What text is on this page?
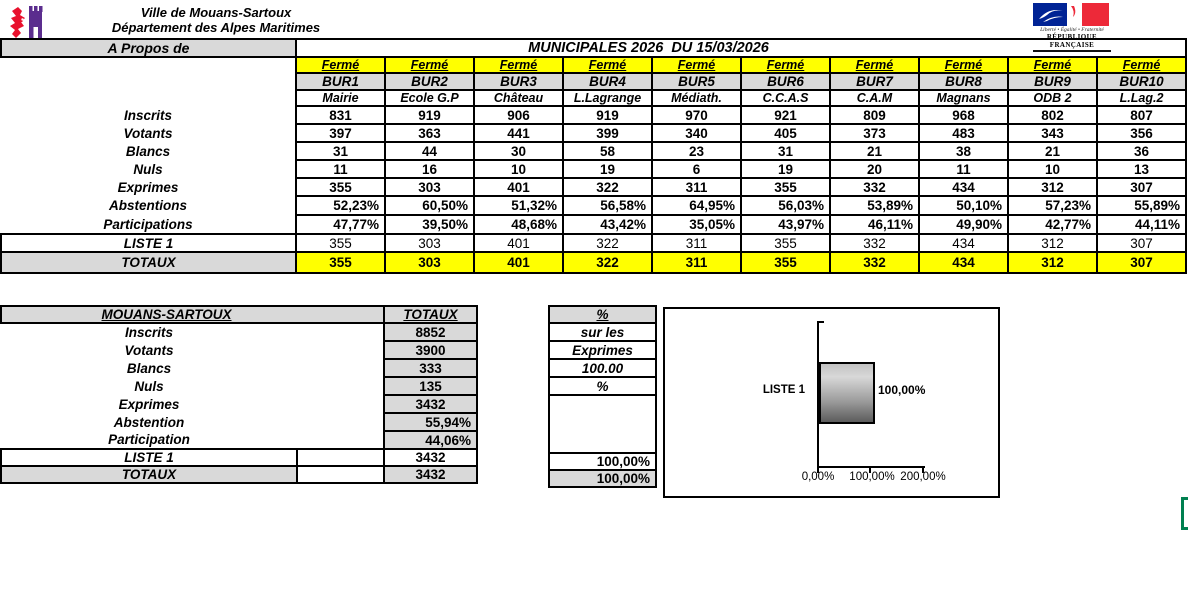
Ville de Mouans-Sartoux
Département des Alpes Maritimes	Liberté • Égalité • Fraternité
RÉPUBLIQUE FRANÇAISE
A Propos de	MUNICIPALES 2026  DU 15/03/2026									
	Fermé	Fermé	Fermé	Fermé	Fermé	Fermé	Fermé	Fermé	Fermé	Fermé
	BUR1	BUR2	BUR3	BUR4	BUR5	BUR6	BUR7	BUR8	BUR9	BUR10
	Mairie	Ecole G.P	Château	L.Lagrange	Médiath.	C.C.A.S	C.A.M	Magnans	ODB 2	L.Lag.2
Inscrits	831	919	906	919	970	921	809	968	802	807
Votants	397	363	441	399	340	405	373	483	343	356
Blancs	31	44	30	58	23	31	21	38	21	36
Nuls	11	16	10	19	6	19	20	11	10	13
Exprimes	355	303	401	322	311	355	332	434	312	307
Abstentions	52,23%	60,50%	51,32%	56,58%	64,95%	56,03%	53,89%	50,10%	57,23%	55,89%
Participations	47,77%	39,50%	48,68%	43,42%	35,05%	43,97%	46,11%	49,90%	42,77%	44,11%
LISTE 1	355	303	401	322	311	355	332	434	312	307
TOTAUX	355	303	401	322	311	355	332	434	312	307
MOUANS-SARTOUX		TOTAUX
Inscrits		8852
Votants		3900
Blancs		333
Nuls		135
Exprimes		3432
Abstention		55,94%
Participation		44,06%
LISTE 1		3432
TOTAUX		3432
%
sur les
Exprimes
100.00
%

100,00%
100,00%
LISTE 1	100,00%
0,00% 100,00% 200,00%
